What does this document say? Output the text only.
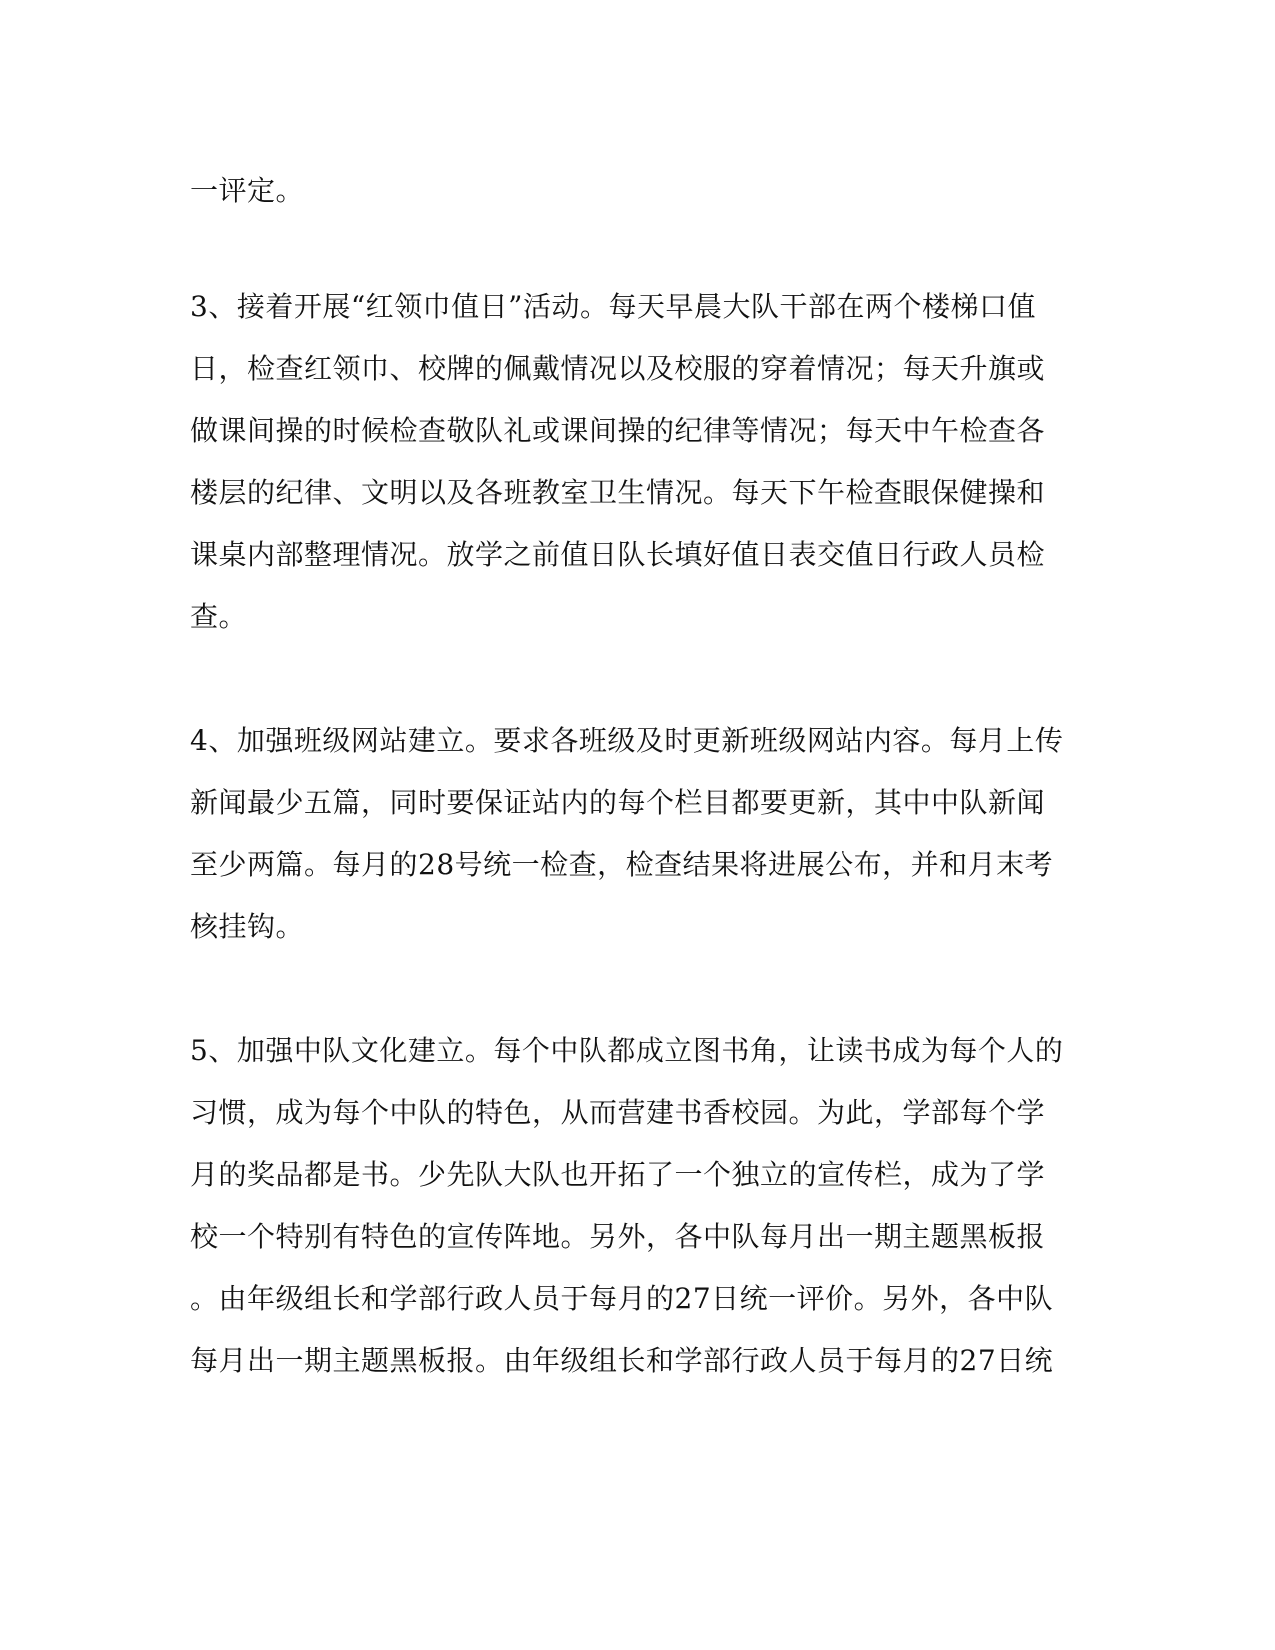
一评定。
3、接着开展“红领巾值日”活动。每天早晨大队干部在两个楼梯口值
日，检查红领巾、校牌的佩戴情况以及校服的穿着情况；每天升旗或
做课间操的时候检查敬队礼或课间操的纪律等情况；每天中午检查各
楼层的纪律、文明以及各班教室卫生情况。每天下午检查眼保健操和
课桌内部整理情况。放学之前值日队长填好值日表交值日行政人员检
查。
4、加强班级网站建立。要求各班级及时更新班级网站内容。每月上传
新闻最少五篇，同时要保证站内的每个栏目都要更新，其中中队新闻
至少两篇。每月的28号统一检查，检查结果将进展公布，并和月末考
核挂钩。
5、加强中队文化建立。每个中队都成立图书角，让读书成为每个人的
习惯，成为每个中队的特色，从而营建书香校园。为此，学部每个学
月的奖品都是书。少先队大队也开拓了一个独立的宣传栏，成为了学
校一个特别有特色的宣传阵地。另外，各中队每月出一期主题黑板报
。由年级组长和学部行政人员于每月的27日统一评价。另外，各中队
每月出一期主题黑板报。由年级组长和学部行政人员于每月的27日统
